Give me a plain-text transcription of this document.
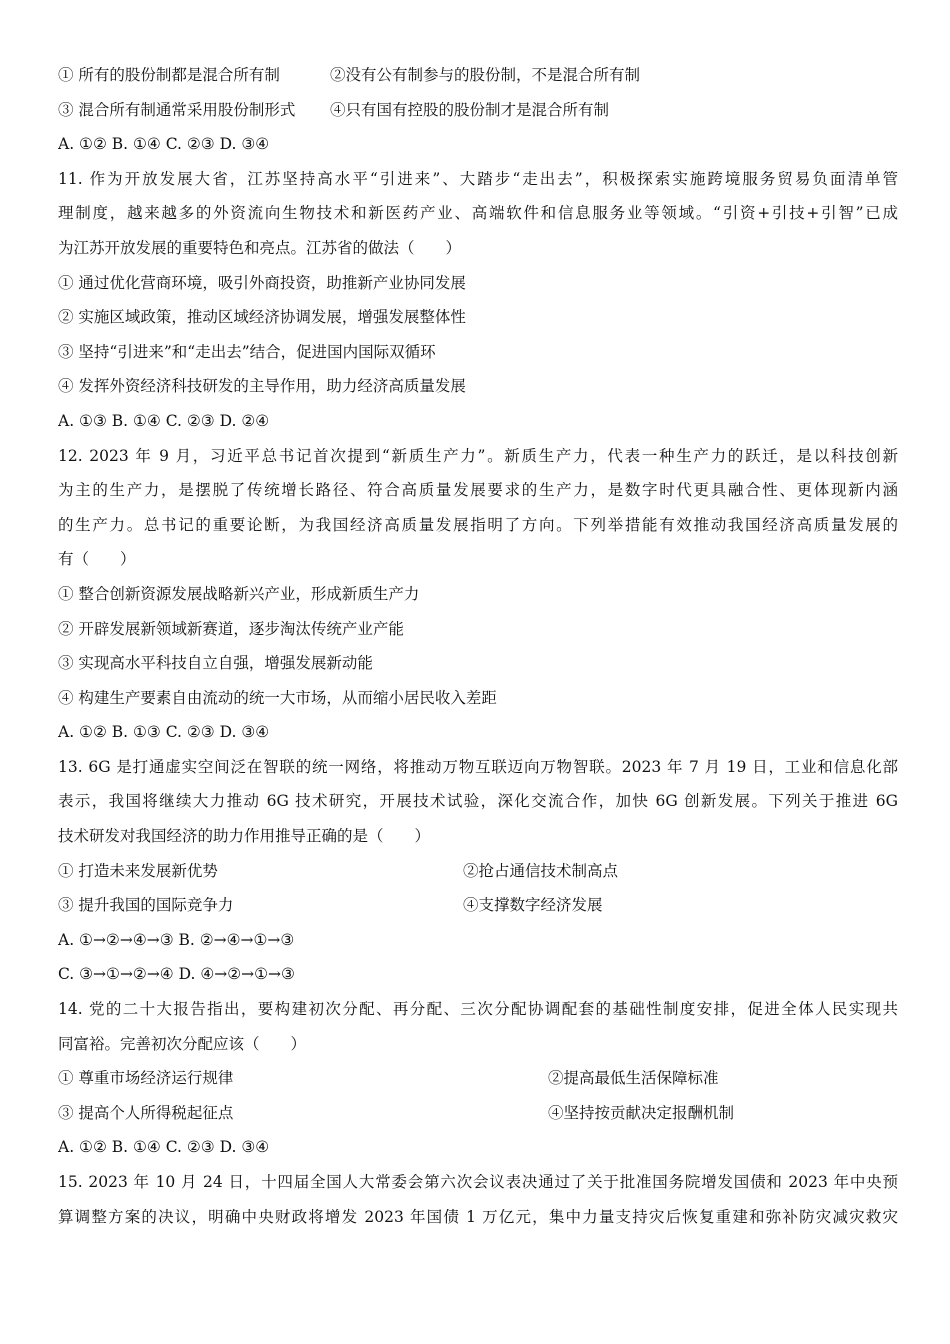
① 所有的股份制都是混合所有制	②没有公有制参与的股份制，不是混合所有制
③ 混合所有制通常采用股份制形式 ④只有国有控股的股份制才是混合所有制
A. ①② B. ①④ C. ②③ D. ③④
11. 作为开放发展大省，江苏坚持高水平“引进来”、大踏步“走出去”，积极探索实施跨境服务贸易负面清单管
理制度，越来越多的外资流向生物技术和新医药产业、高端软件和信息服务业等领域。“引资+引技+引智”已成
为江苏开放发展的重要特色和亮点。江苏省的做法（　　）
① 通过优化营商环境，吸引外商投资，助推新产业协同发展
② 实施区域政策，推动区域经济协调发展，增强发展整体性
③ 坚持“引进来”和“走出去”结合，促进国内国际双循环
④ 发挥外资经济科技研发的主导作用，助力经济高质量发展
A. ①③ B. ①④ C. ②③ D. ②④
12. 2023 年 9 月，习近平总书记首次提到“新质生产力”。新质生产力，代表一种生产力的跃迁，是以科技创新
为主的生产力，是摆脱了传统增长路径、符合高质量发展要求的生产力，是数字时代更具融合性、更体现新内涵
的生产力。总书记的重要论断，为我国经济高质量发展指明了方向。下列举措能有效推动我国经济高质量发展的
有（　　）
① 整合创新资源发展战略新兴产业，形成新质生产力
② 开辟发展新领域新赛道，逐步淘汰传统产业产能
③ 实现高水平科技自立自强，增强发展新动能
④ 构建生产要素自由流动的统一大市场，从而缩小居民收入差距
A. ①② B. ①③ C. ②③ D. ③④
13. 6G 是打通虚实空间泛在智联的统一网络，将推动万物互联迈向万物智联。2023 年 7 月 19 日，工业和信息化部
表示，我国将继续大力推动 6G 技术研究，开展技术试验，深化交流合作，加快 6G 创新发展。下列关于推进 6G
技术研发对我国经济的助力作用推导正确的是（　　）
① 打造未来发展新优势	②抢占通信技术制高点
③ 提升我国的国际竞争力	④支撑数字经济发展
A. ①→②→④→③ B. ②→④→①→③
C. ③→①→②→④ D. ④→②→①→③
14. 党的二十大报告指出，要构建初次分配、再分配、三次分配协调配套的基础性制度安排，促进全体人民实现共
同富裕。完善初次分配应该（　　）
① 尊重市场经济运行规律	②提高最低生活保障标准
③ 提高个人所得税起征点	④坚持按贡献决定报酬机制
A. ①② B. ①④ C. ②③ D. ③④
15. 2023 年 10 月 24 日，十四届全国人大常委会第六次会议表决通过了关于批准国务院增发国债和 2023 年中央预
算调整方案的决议，明确中央财政将增发 2023 年国债 1 万亿元，集中力量支持灾后恢复重建和弥补防灾减灾救灾
